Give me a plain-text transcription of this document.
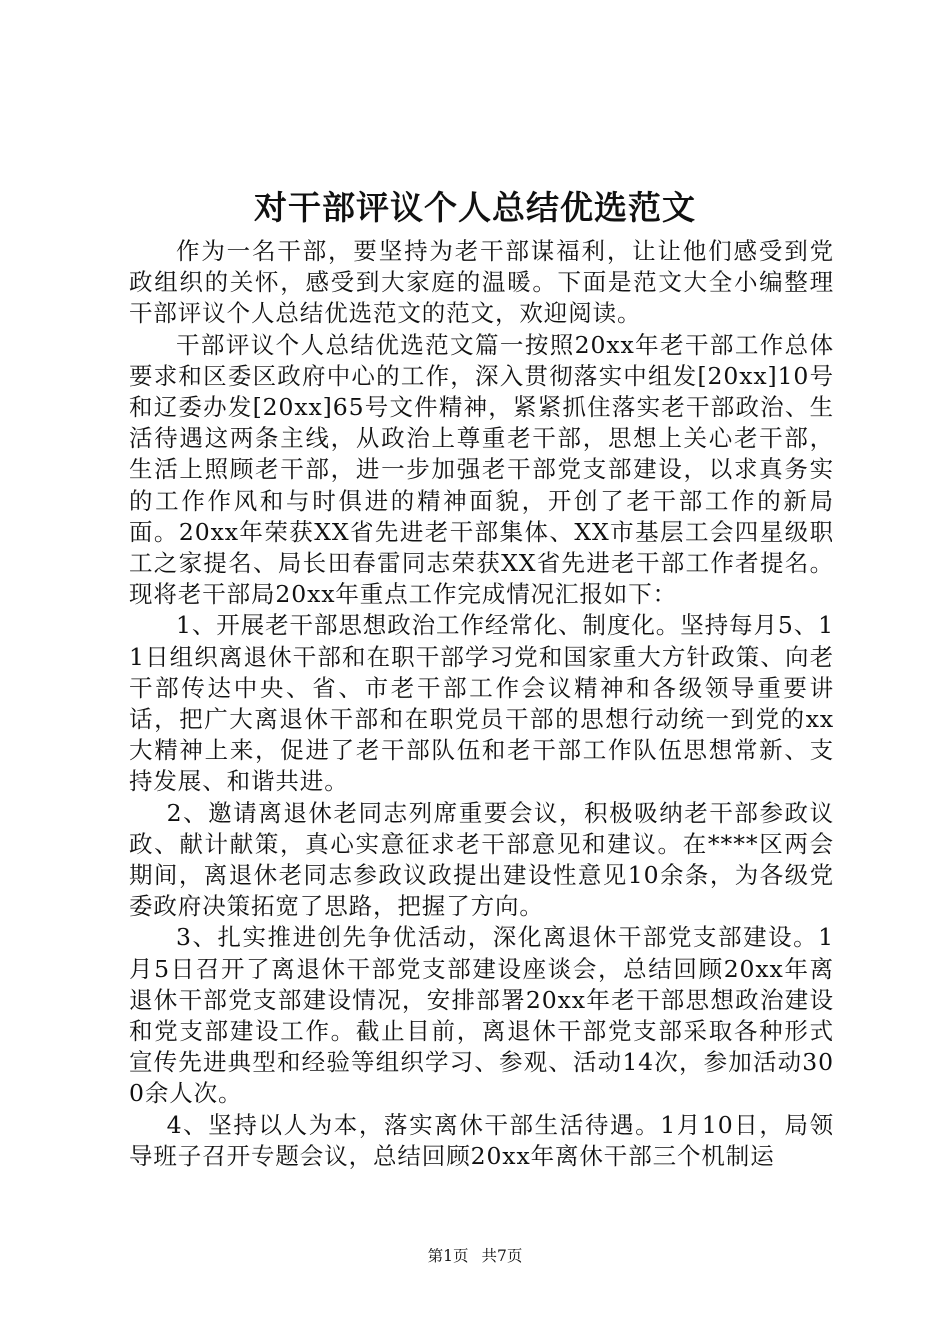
对干部评议个人总结优选范文

作为一名干部，要坚持为老干部谋福利，让让他们感受到党政组织的关怀，感受到大家庭的温暖。下面是范文大全小编整理干部评议个人总结优选范文的范文，欢迎阅读。

干部评议个人总结优选范文篇一按照20xx年老干部工作总体要求和区委区政府中心的工作，深入贯彻落实中组发[20xx]10号和辽委办发[20xx]65号文件精神，紧紧抓住落实老干部政治、生活待遇这两条主线，从政治上尊重老干部，思想上关心老干部，生活上照顾老干部，进一步加强老干部党支部建设，以求真务实的工作作风和与时俱进的精神面貌，开创了老干部工作的新局面。20xx年荣获XX省先进老干部集体、XX市基层工会四星级职工之家提名、局长田春雷同志荣获XX省先进老干部工作者提名。现将老干部局20xx年重点工作完成情况汇报如下：

1、开展老干部思想政治工作经常化、制度化。坚持每月5、11日组织离退休干部和在职干部学习党和国家重大方针政策、向老干部传达中央、省、市老干部工作会议精神和各级领导重要讲话，把广大离退休干部和在职党员干部的思想行动统一到党的xx大精神上来，促进了老干部队伍和老干部工作队伍思想常新、支持发展、和谐共进。

2、邀请离退休老同志列席重要会议，积极吸纳老干部参政议政、献计献策，真心实意征求老干部意见和建议。在****区两会期间，离退休老同志参政议政提出建设性意见10余条，为各级党委政府决策拓宽了思路，把握了方向。

3、扎实推进创先争优活动，深化离退休干部党支部建设。1月5日召开了离退休干部党支部建设座谈会，总结回顾20xx年离退休干部党支部建设情况，安排部署20xx年老干部思想政治建设和党支部建设工作。截止目前，离退休干部党支部采取各种形式宣传先进典型和经验等组织学习、参观、活动14次，参加活动300余人次。

4、坚持以人为本，落实离休干部生活待遇。1月10日，局领导班子召开专题会议，总结回顾20xx年离休干部三个机制运

第1页 共7页
